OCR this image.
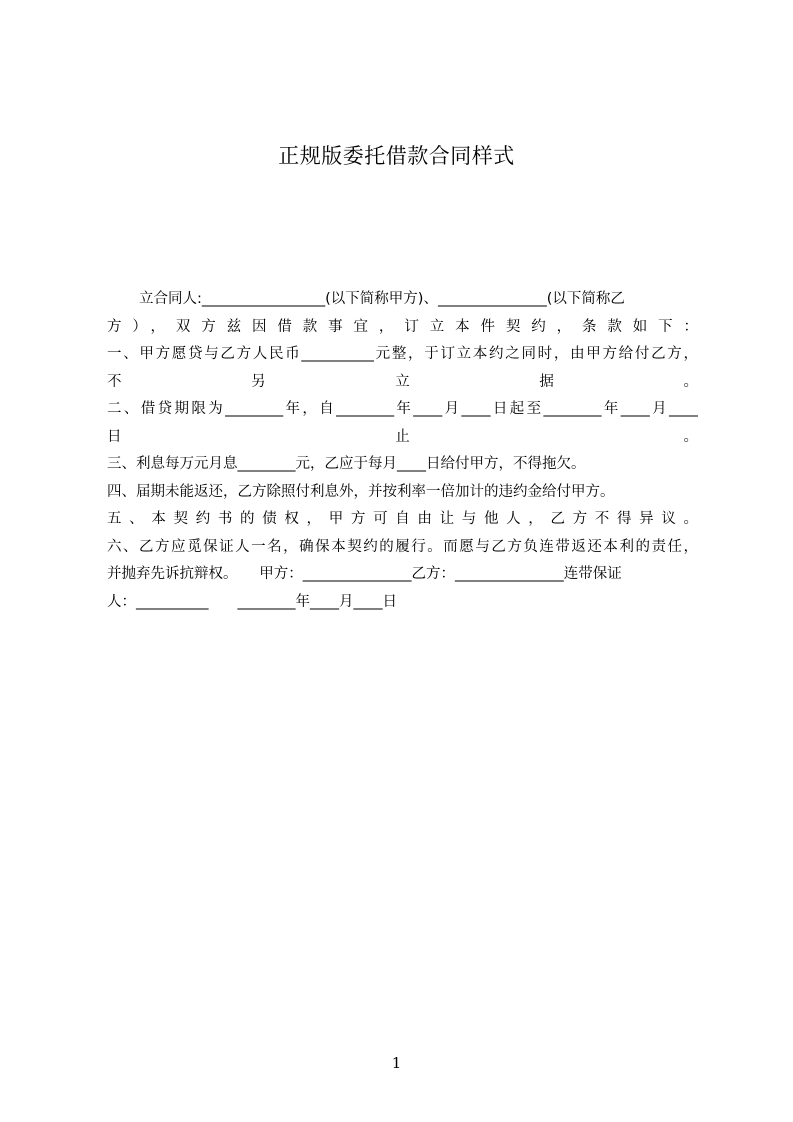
正规版委托借款合同样式
立合同人:_________________(以下简称甲方)、_______________(以下简称乙
方），双方兹因借款事宜，订立本件契约，条款如下：
一、甲方愿贷与乙方人民币__________元整，于订立本约之同时，由甲方给付乙方，
不 另 立 据 。
二、借贷期限为________年，自________年____月____日起至________年____月____
日 止 。
三、利息每万元月息________元，乙应于每月____日给付甲方，不得拖欠。
四、届期未能返还，乙方除照付利息外，并按利率一倍加计的违约金给付甲方。
五、本契约书的债权，甲方可自由让与他人，乙方不得异议。
六、乙方应觅保证人一名，确保本契约的履行。而愿与乙方负连带返还本利的责任，
并抛弃先诉抗辩权。　　甲方：_______________乙方：_______________连带保证
人：__________　　________年____月____日
1
